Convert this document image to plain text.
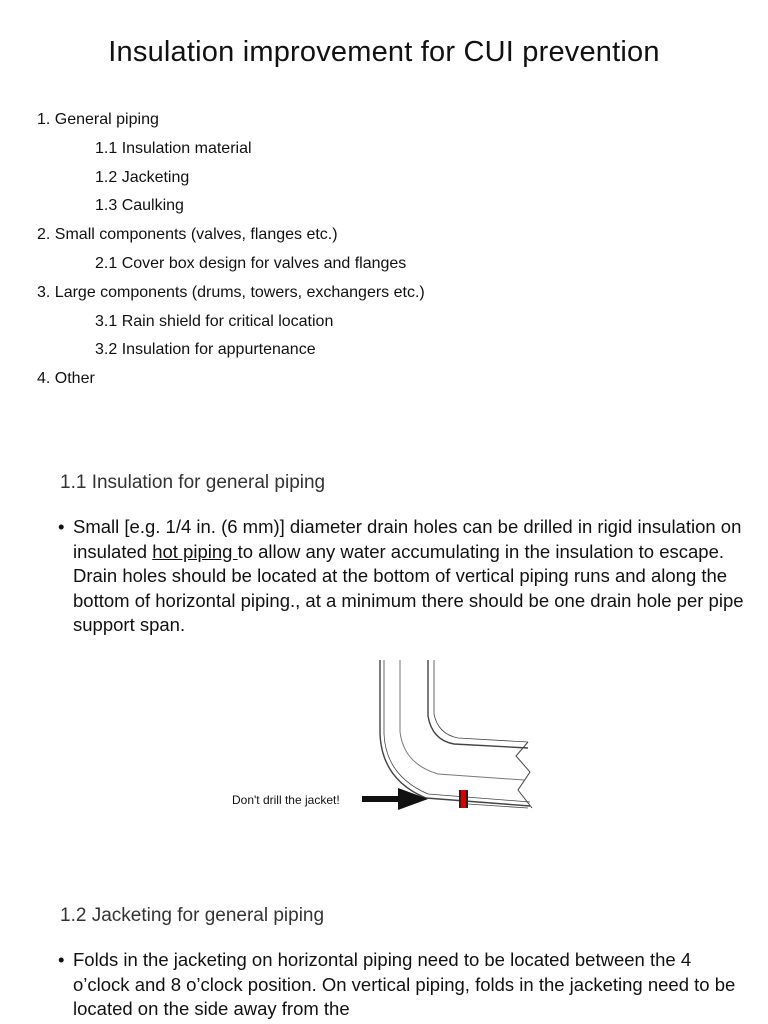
Insulation improvement for CUI prevention
1. General piping
1.1 Insulation material
1.2 Jacketing
1.3 Caulking
2. Small components (valves, flanges etc.)
2.1 Cover box design for valves and flanges
3. Large components (drums, towers, exchangers etc.)
3.1 Rain shield for critical location
3.2 Insulation for appurtenance
4. Other
1.1 Insulation for general piping

• Small [e.g. 1/4 in. (6 mm)] diameter drain holes can be drilled in rigid insulation on insulated hot piping to allow any water accumulating in the insulation to escape. Drain holes should be located at the bottom of vertical piping runs and along the bottom of horizontal piping., at a minimum there should be one drain hole per pipe support span.

Don't drill the jacket!
1.2 Jacketing for general piping

• Folds in the jacketing on horizontal piping need to be located between the 4 o’clock and 8 o’clock position. On vertical piping, folds in the jacketing need to be located on the side away from the
